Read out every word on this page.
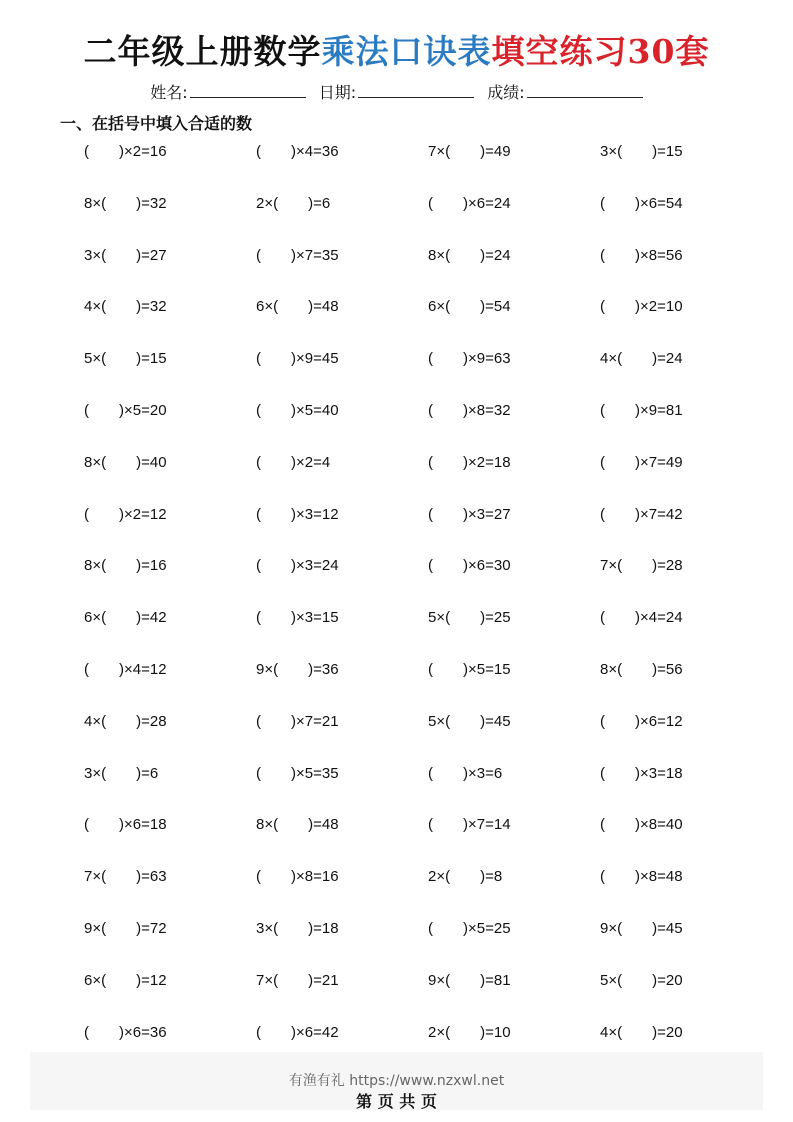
二年级上册数学乘法口诀表填空练习30套
姓名:	日期:	成绩:
一、在括号中填入合适的数
(　　)×2=16	(　　)×4=36	7×(　　)=49	3×(　　)=15
8×(　　)=32	2×(　　)=6	(　　)×6=24	(　　)×6=54
3×(　　)=27	(　　)×7=35	8×(　　)=24	(　　)×8=56
4×(　　)=32	6×(　　)=48	6×(　　)=54	(　　)×2=10
5×(　　)=15	(　　)×9=45	(　　)×9=63	4×(　　)=24
(　　)×5=20	(　　)×5=40	(　　)×8=32	(　　)×9=81
8×(　　)=40	(　　)×2=4	(　　)×2=18	(　　)×7=49
(　　)×2=12	(　　)×3=12	(　　)×3=27	(　　)×7=42
8×(　　)=16	(　　)×3=24	(　　)×6=30	7×(　　)=28
6×(　　)=42	(　　)×3=15	5×(　　)=25	(　　)×4=24
(　　)×4=12	9×(　　)=36	(　　)×5=15	8×(　　)=56
4×(　　)=28	(　　)×7=21	5×(　　)=45	(　　)×6=12
3×(　　)=6	(　　)×5=35	(　　)×3=6	(　　)×3=18
(　　)×6=18	8×(　　)=48	(　　)×7=14	(　　)×8=40
7×(　　)=63	(　　)×8=16	2×(　　)=8	(　　)×8=48
9×(　　)=72	3×(　　)=18	(　　)×5=25	9×(　　)=45
6×(　　)=12	7×(　　)=21	9×(　　)=81	5×(　　)=20
(　　)×6=36	(　　)×6=42	2×(　　)=10	4×(　　)=20
有渔有礼 https://www.nzxwl.net
第 页 共 页
